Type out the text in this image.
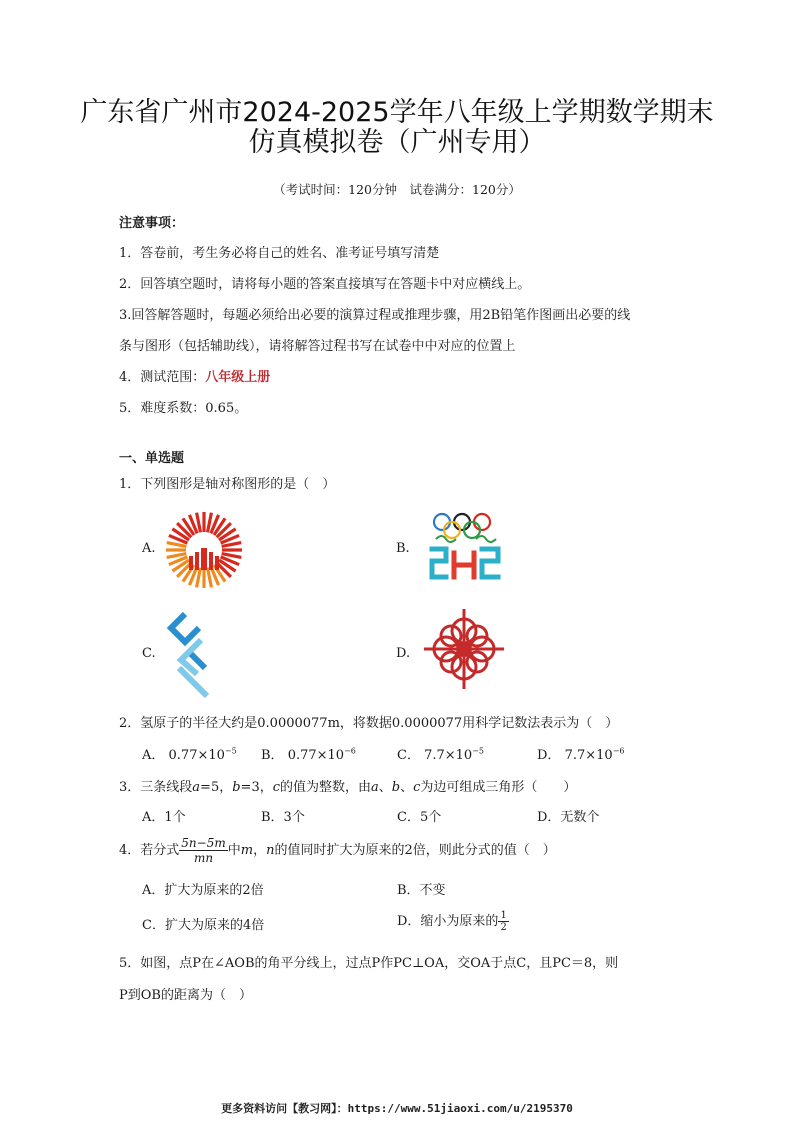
广东省广州市2024-2025学年八年级上学期数学期末
仿真模拟卷（广州专用）
（考试时间：120分钟　试卷满分：120分）
注意事项：
1．答卷前，考生务必将自己的姓名、准考证号填写清楚
2．回答填空题时，请将每小题的答案直接填写在答题卡中对应横线上。
3.回答解答题时，每题必须给出必要的演算过程或推理步骤，用2B铅笔作图画出必要的线
条与图形（包括辅助线），请将解答过程书写在试卷中中对应的位置上
4．测试范围：八年级上册
5．难度系数：0.65。
一、单选题
1．下列图形是轴对称图形的是（　）
A.	B.
C.	D.
2．氢原子的半径大约是0.0000077m，将数据0.0000077用科学记数法表示为（　）
A． $0.77\times 10^{-5}$ B． $0.77\times 10^{-6}$	C． $7.7\times 10^{-5}$	D． $7.7\times 10^{-6}$
3．三条线段a=5，b=3，c的值为整数，由a、b、c为边可组成三角形（　　）
A．1个	B．3个	C．5个	D．无数个
4．若分式 $\frac{5n-5m}{mn}$ 中m，n的值同时扩大为原来的2倍，则此分式的值（　）
A．扩大为原来的2倍	B．不变
C．扩大为原来的4倍	D．缩小为原来的 $\frac{1}{2}$
5．如图，点P在∠AOB的角平分线上，过点P作PC⊥OA，交OA于点C，且PC＝8，则
P到OB的距离为（　）
更多资料访问【教习网】：https://www.51jiaoxi.com/u/2195370
